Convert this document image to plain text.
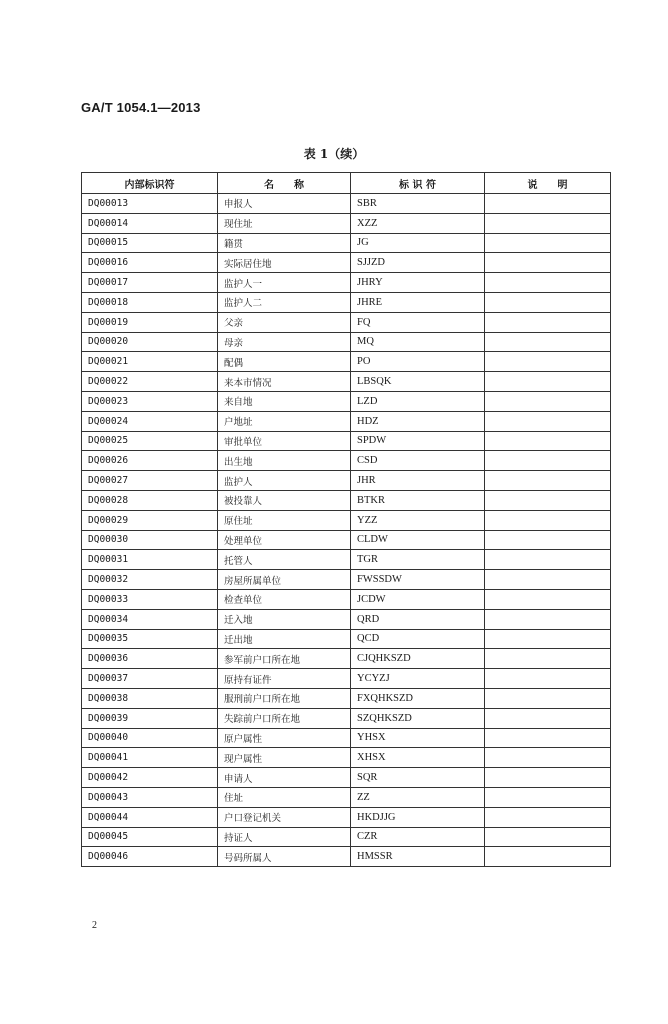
GA/T 1054.1—2013
表 1（续）
内部标识符	名　　称	标 识 符	说　　明
DQ00013	申报人	SBR	
DQ00014	现住址	XZZ	
DQ00015	籍贯	JG	
DQ00016	实际居住地	SJJZD	
DQ00017	监护人一	JHRY	
DQ00018	监护人二	JHRE	
DQ00019	父亲	FQ	
DQ00020	母亲	MQ	
DQ00021	配偶	PO	
DQ00022	来本市情况	LBSQK	
DQ00023	来自地	LZD	
DQ00024	户地址	HDZ	
DQ00025	审批单位	SPDW	
DQ00026	出生地	CSD	
DQ00027	监护人	JHR	
DQ00028	被投靠人	BTKR	
DQ00029	原住址	YZZ	
DQ00030	处理单位	CLDW	
DQ00031	托管人	TGR	
DQ00032	房屋所属单位	FWSSDW	
DQ00033	检查单位	JCDW	
DQ00034	迁入地	QRD	
DQ00035	迁出地	QCD	
DQ00036	参军前户口所在地	CJQHKSZD	
DQ00037	原持有证件	YCYZJ	
DQ00038	服刑前户口所在地	FXQHKSZD	
DQ00039	失踪前户口所在地	SZQHKSZD	
DQ00040	原户属性	YHSX	
DQ00041	现户属性	XHSX	
DQ00042	申请人	SQR	
DQ00043	住址	ZZ	
DQ00044	户口登记机关	HKDJJG	
DQ00045	持证人	CZR	
DQ00046	号码所属人	HMSSR	
2
